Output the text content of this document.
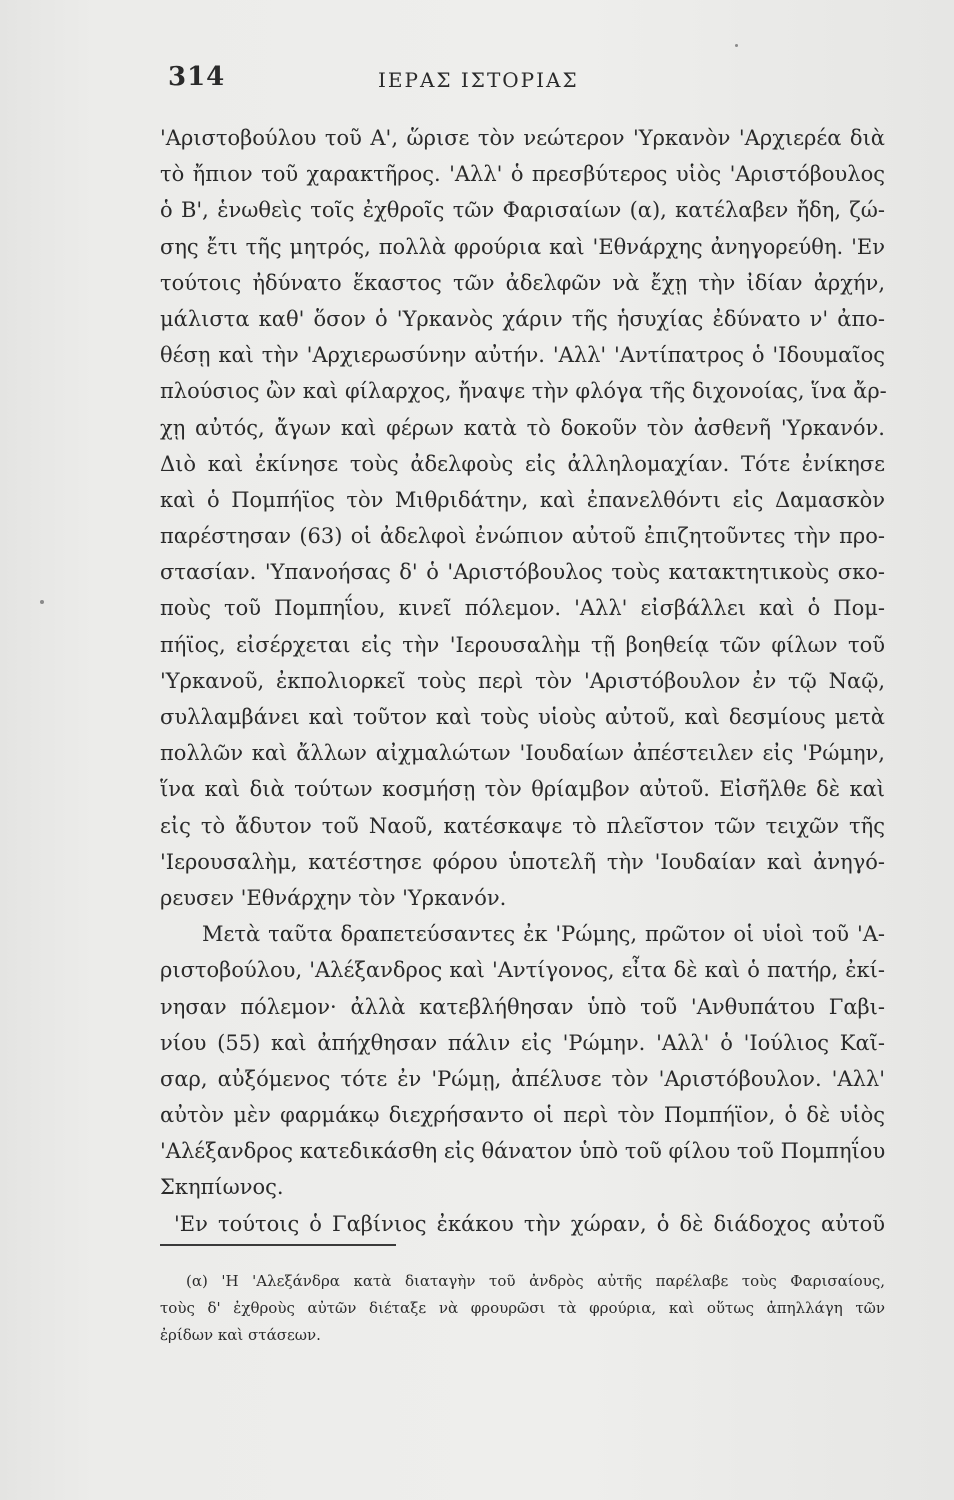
314	ΙΕΡΑΣ ΙΣΤΟΡΙΑΣ
'Αριστοβούλου τοῦ Α', ὥρισε τὸν νεώτερον 'Υρκανὸν 'Αρχιερέα διὰ
τὸ ἤπιον τοῦ χαρακτῆρος. 'Αλλ' ὁ πρεσβύτερος υἱὸς 'Αριστόβουλος
ὁ Β', ἑνωθεὶς τοῖς ἐχθροῖς τῶν Φαρισαίων (α), κατέλαβεν ἤδη, ζώ-
σης ἔτι τῆς μητρός, πολλὰ φρούρια καὶ 'Εθνάρχης ἀνηγορεύθη. 'Εν
τούτοις ἠδύνατο ἕκαστος τῶν ἀδελφῶν νὰ ἔχῃ τὴν ἰδίαν ἀρχήν,
μάλιστα καθ' ὅσον ὁ 'Υρκανὸς χάριν τῆς ἡσυχίας ἐδύνατο ν' ἀπο-
θέσῃ καὶ τὴν 'Αρχιερωσύνην αὐτήν. 'Αλλ' 'Αντίπατρος ὁ 'Ιδουμαῖος
πλούσιος ὢν καὶ φίλαρχος, ἤναψε τὴν φλόγα τῆς διχονοίας, ἵνα ἄρ-
χῃ αὐτός, ἄγων καὶ φέρων κατὰ τὸ δοκοῦν τὸν ἀσθενῆ 'Υρκανόν.
Διὸ καὶ ἐκίνησε τοὺς ἀδελφοὺς εἰς ἀλληλομαχίαν. Τότε ἐνίκησε
καὶ ὁ Πομπήϊος τὸν Μιθριδάτην, καὶ ἐπανελθόντι εἰς Δαμασκὸν
παρέστησαν (63) οἱ ἀδελφοὶ ἐνώπιον αὐτοῦ ἐπιζητοῦντες τὴν προ-
στασίαν. 'Υπανοήσας δ' ὁ 'Αριστόβουλος τοὺς κατακτητικοὺς σκο-
ποὺς τοῦ Πομπηΐου, κινεῖ πόλεμον. 'Αλλ' εἰσβάλλει καὶ ὁ Πομ-
πήϊος, εἰσέρχεται εἰς τὴν 'Ιερουσαλὴμ τῇ βοηθείᾳ τῶν φίλων τοῦ
'Υρκανοῦ, ἐκπολιορκεῖ τοὺς περὶ τὸν 'Αριστόβουλον ἐν τῷ Ναῷ,
συλλαμβάνει καὶ τοῦτον καὶ τοὺς υἱοὺς αὐτοῦ, καὶ δεσμίους μετὰ
πολλῶν καὶ ἄλλων αἰχμαλώτων 'Ιουδαίων ἀπέστειλεν εἰς 'Ρώμην,
ἵνα καὶ διὰ τούτων κοσμήσῃ τὸν θρίαμβον αὐτοῦ. Εἰσῆλθε δὲ καὶ
εἰς τὸ ἄδυτον τοῦ Ναοῦ, κατέσκαψε τὸ πλεῖστον τῶν τειχῶν τῆς
'Ιερουσαλὴμ, κατέστησε φόρου ὑποτελῆ τὴν 'Ιουδαίαν καὶ ἀνηγό-
ρευσεν 'Εθνάρχην τὸν 'Υρκανόν.
Μετὰ ταῦτα δραπετεύσαντες ἐκ 'Ρώμης, πρῶτον οἱ υἱοὶ τοῦ 'Α-
ριστοβούλου, 'Αλέξανδρος καὶ 'Αντίγονος, εἶτα δὲ καὶ ὁ πατήρ, ἐκί-
νησαν πόλεμον· ἀλλὰ κατεβλήθησαν ὑπὸ τοῦ 'Ανθυπάτου Γαβι-
νίου (55) καὶ ἀπήχθησαν πάλιν εἰς 'Ρώμην. 'Αλλ' ὁ 'Ιούλιος Καῖ-
σαρ, αὐξόμενος τότε ἐν 'Ρώμῃ, ἀπέλυσε τὸν 'Αριστόβουλον. 'Αλλ'
αὐτὸν μὲν φαρμάκῳ διεχρήσαντο οἱ περὶ τὸν Πομπήϊον, ὁ δὲ υἱὸς
'Αλέξανδρος κατεδικάσθη εἰς θάνατον ὑπὸ τοῦ φίλου τοῦ Πομπηΐου
Σκηπίωνος.
'Εν τούτοις ὁ Γαβίνιος ἐκάκου τὴν χώραν, ὁ δὲ διάδοχος αὐτοῦ
(α) 'Η 'Αλεξάνδρα κατὰ διαταγὴν τοῦ ἀνδρὸς αὐτῆς παρέλαβε τοὺς Φαρισαίους,
τοὺς δ' ἐχθροὺς αὐτῶν διέταξε νὰ φρουρῶσι τὰ φρούρια, καὶ οὕτως ἀπηλλάγη τῶν
ἐρίδων καὶ στάσεων.
